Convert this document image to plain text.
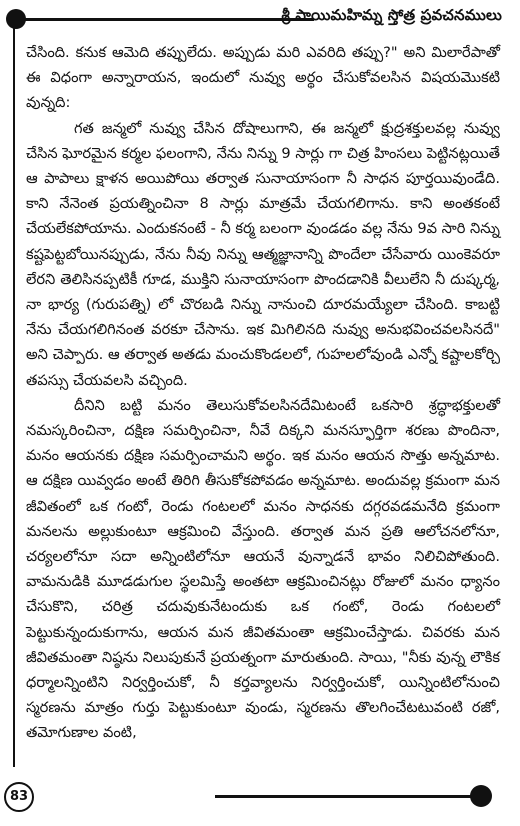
శ్రీ సాయిమహిమ్న స్తోత్ర ప్రవచనములు

చేసింది. కనుక ఆమెది తప్పులేదు. అప్పుడు మరి ఎవరిది తప్పు?" అని మిలారేపాతో ఈ విధంగా అన్నారాయన, ఇందులో నువ్వు అర్థం చేసుకోవలసిన విషయమొకటి వున్నది:

గత జన్మలో నువ్వు చేసిన దోషాలుగాని, ఈ జన్మలో క్షుద్రశక్తులవల్ల నువ్వు చేసిన ఘోరమైన కర్మల ఫలంగాని, నేను నిన్ను 9 సార్లు గా చిత్ర హింసలు పెట్టినట్లయితే ఆ పాపాలు క్షాళన అయిపోయి తర్వాత సునాయాసంగా నీ సాధన పూర్తయివుండేది. కాని నేనెంత ప్రయత్నించినా 8 సార్లు మాత్రమే చేయగలిగాను. కాని అంతకంటే చేయలేకపోయాను. ఎందుకనంటే - నీ కర్మ బలంగా వుండడం వల్ల నేను 9వ సారి నిన్ను కష్టపెట్టబోయినప్పుడు, నేను నీవు నిన్ను ఆత్మజ్ఞానాన్ని పొందేలా చేసేవారు యింకెవరూ లేరని తెలిసినప్పటికీ గూడ, ముక్తిని సునాయాసంగా పొందడానికి వీలులేని నీ దుష్కర్మ, నా భార్య (గురుపత్ని) లో చొరబడి నిన్ను నానుంచి దూరమయ్యేలా చేసింది. కాబట్టి నేను చేయగలిగినంత వరకూ చేసాను. ఇక మిగిలినది నువ్వు అనుభవించవలసినదే" అని చెప్పారు. ఆ తర్వాత అతడు మంచుకొండలలో, గుహలలోవుండి ఎన్నో కష్టాలకోర్చి తపస్సు చేయవలసి వచ్చింది.

దీనిని బట్టి మనం తెలుసుకోవలసినదేమిటంటే ఒకసారి శ్రద్ధాభక్తులతో నమస్కరించినా, దక్షిణ సమర్పించినా, నీవే దిక్కని మనస్ఫూర్తిగా శరణు పొందినా, మనం ఆయనకు దక్షిణ సమర్పించామని అర్థం. ఇక మనం ఆయన సొత్తు అన్నమాట. ఆ దక్షిణ యివ్వడం అంటే తిరిగి తీసుకోకపోవడం అన్నమాట. అందువల్ల క్రమంగా మన జీవితంలో ఒక గంటో, రెండు గంటలలో మనం సాధనకు దగ్గరవడమనేది క్రమంగా మనలను అల్లుకుంటూ ఆక్రమించి వేస్తుంది. తర్వాత మన ప్రతి ఆలోచనలోనూ, చర్యలలోనూ సదా అన్నింటిలోనూ ఆయనే వున్నాడనే భావం నిలిచిపోతుంది. వామనుడికి మూడడుగుల స్థలమిస్తే అంతటా ఆక్రమించినట్లు రోజులో మనం ధ్యానం చేసుకొని, చరిత్ర చదువుకునేటందుకు ఒక గంటో, రెండు గంటలలో పెట్టుకున్నందుకుగాను, ఆయన మన జీవితమంతా ఆక్రమించేస్తాడు. చివరకు మన జీవితమంతా నిష్ఠను నిలుపుకునే ప్రయత్నంగా మారుతుంది. సాయి, "నీకు వున్న లౌకిక ధర్మాలన్నింటిని నిర్వర్తించుకో, నీ కర్తవ్యాలను నిర్వర్తించుకో, యిన్నింటిలోనుంచి స్మరణను మాత్రం గుర్తు పెట్టుకుంటూ వుండు, స్మరణను తొలగించేటటువంటి రజో, తమోగుణాల వంటి,

83
